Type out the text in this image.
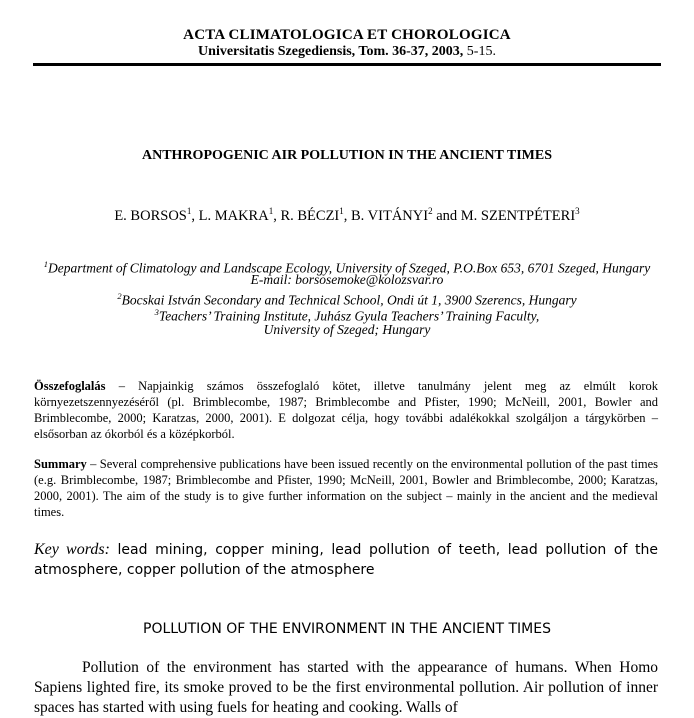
ACTA CLIMATOLOGICA ET CHOROLOGICA
Universitatis Szegediensis, Tom. 36-37, 2003, 5-15.
ANTHROPOGENIC AIR POLLUTION IN THE ANCIENT TIMES
E. BORSOS$^1$, L. MAKRA$^1$, R. BÉCZI$^1$, B. VITÁNYI$^2$ and M. SZENTPÉTERI$^3$
$^1$Department of Climatology and Landscape Ecology, University of Szeged, P.O.Box 653, 6701 Szeged, Hungary
E-mail: borsosemoke@kolozsvar.ro
$^2$Bocskai István Secondary and Technical School, Ondi út 1, 3900 Szerencs, Hungary
$^3$Teachers’ Training Institute, Juhász Gyula Teachers’ Training Faculty,
University of Szeged; Hungary
Összefoglalás – Napjainkig számos összefoglaló kötet, illetve tanulmány jelent meg az elmúlt korok környezetszennyezéséről (pl. Brimblecombe, 1987; Brimblecombe and Pfister, 1990; McNeill, 2001, Bowler and Brimblecombe, 2000; Karatzas, 2000, 2001). E dolgozat célja, hogy további adalékokkal szolgáljon a tárgykörben – elsősorban az ókorból és a középkorból.
Summary – Several comprehensive publications have been issued recently on the environmental pollution of the past times (e.g. Brimblecombe, 1987; Brimblecombe and Pfister, 1990; McNeill, 2001, Bowler and Brimblecombe, 2000; Karatzas, 2000, 2001). The aim of the study is to give further information on the subject – mainly in the ancient and the medieval times.
Key words: lead mining, copper mining, lead pollution of teeth, lead pollution of the atmosphere, copper pollution of the atmosphere
POLLUTION OF THE ENVIRONMENT IN THE ANCIENT TIMES

Pollution of the environment has started with the appearance of humans. When Homo Sapiens lighted fire, its smoke proved to be the first environmental pollution. Air pollution of inner spaces has started with using fuels for heating and cooking. Walls of
